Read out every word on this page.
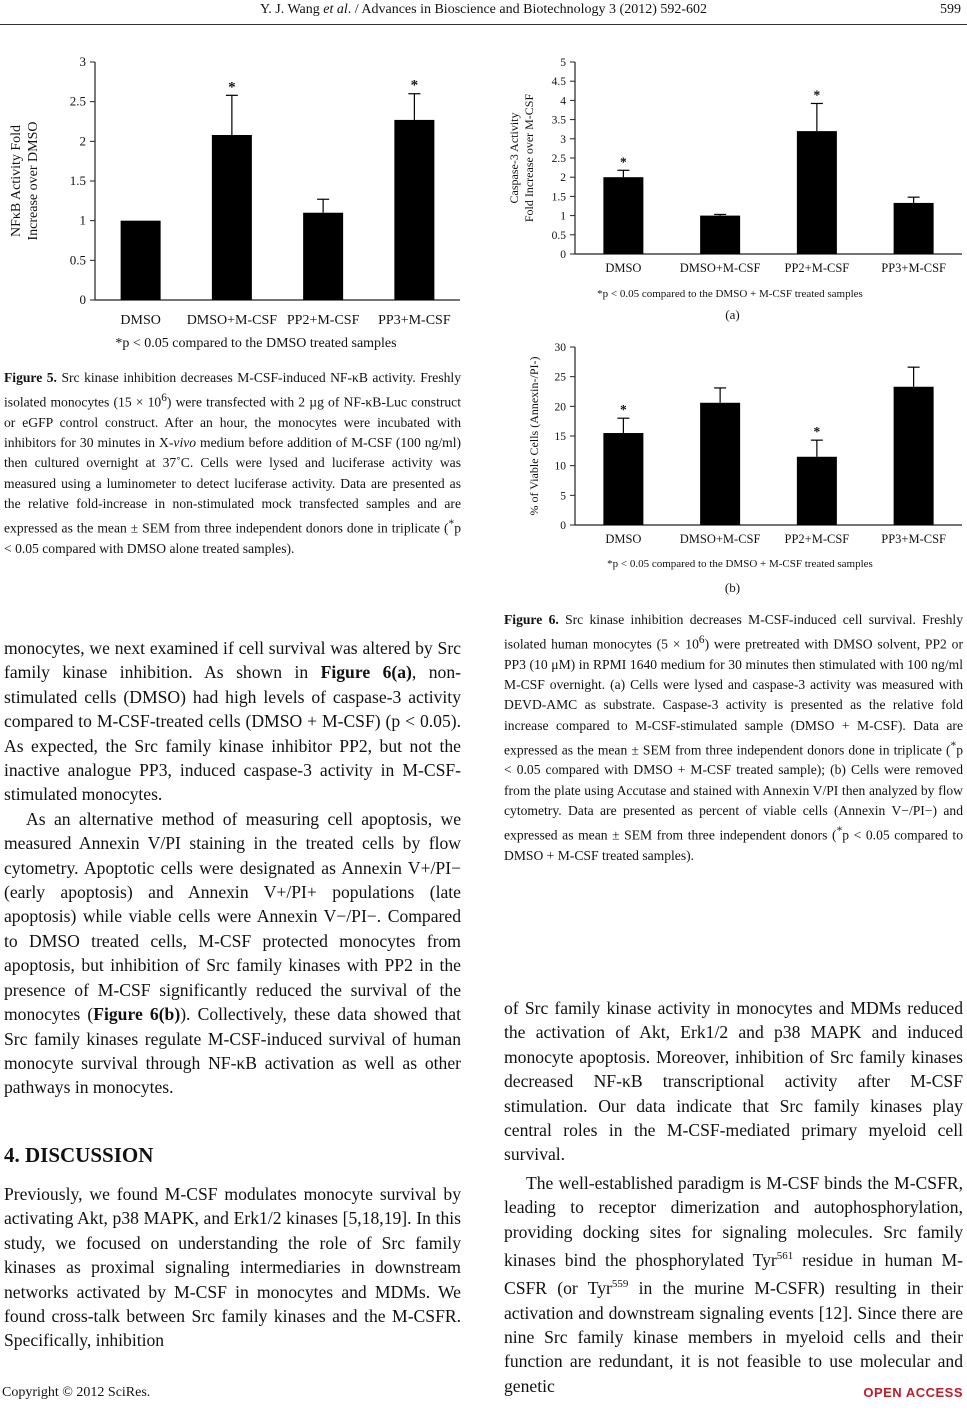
Y. J. Wang et al. / Advances in Bioscience and Biotechnology 3 (2012) 592-602	599
0
0.5
1
1.5
2
2.5
3
DMSO
*
DMSO+M-CSF PP2+M-CSF
*
PP3+M-CSF
NFκB Activity Fold Increase over DMSO
*p < 0.05 compared to the DMSO treated samples
Figure 5. Src kinase inhibition decreases M-CSF-induced NF-κB activity. Freshly isolated monocytes $(15 \times 10^6)$ were transfected with 2 µg of NF-κB-Luc construct or eGFP control construct. After an hour, the monocytes were incubated with inhibitors for 30 minutes in X-vivo medium before addition of M-CSF (100 ng/ml) then cultured overnight at 37˚C. Cells were lysed and luciferase activity was measured using a luminometer to detect luciferase activity. Data are presented as the relative fold-increase in non-stimulated mock transfected samples and are expressed as the mean ± SEM from three independent donors done in triplicate (*p < 0.05 compared with DMSO alone treated samples).

monocytes, we next examined if cell survival was altered by Src family kinase inhibition. As shown in Figure 6(a), non-stimulated cells (DMSO) had high levels of caspase-3 activity compared to M-CSF-treated cells (DMSO + M-CSF) (p < 0.05). As expected, the Src family kinase inhibitor PP2, but not the inactive analogue PP3, induced caspase-3 activity in M-CSF-stimulated monocytes.

As an alternative method of measuring cell apoptosis, we measured Annexin V/PI staining in the treated cells by flow cytometry. Apoptotic cells were designated as Annexin V+/PI− (early apoptosis) and Annexin V+/PI+ populations (late apoptosis) while viable cells were Annexin V−/PI−. Compared to DMSO treated cells, M-CSF protected monocytes from apoptosis, but inhibition of Src family kinases with PP2 in the presence of M-CSF significantly reduced the survival of the monocytes (Figure 6(b)). Collectively, these data showed that Src family kinases regulate M-CSF-induced survival of human monocyte survival through NF-κB activation as well as other pathways in monocytes.

4. DISCUSSION

Previously, we found M-CSF modulates monocyte survival by activating Akt, p38 MAPK, and Erk1/2 kinases [5,18,19]. In this study, we focused on understanding the role of Src family kinases as proximal signaling intermediaries in downstream networks activated by M-CSF in monocytes and MDMs. We found cross-talk between Src family kinases and the M-CSFR. Specifically, inhibition

0
0.5
1
1.5
2
2.5
3
3.5
4
4.5
5
*
DMSO	DMSO+M-CSF
*
PP2+M-CSF	PP3+M-CSF
Caspase-3 Activity Fold Increase over M-CSF
*p < 0.05 compared to the DMSO + M-CSF treated samples
(a)
0
5
10
15
20
25
30
*
DMSO	DMSO+M-CSF
*
PP2+M-CSF	PP3+M-CSF
% of Viable Cells (Annexin-/PI-)
*p < 0.05 compared to the DMSO + M-CSF treated samples
(b)
Figure 6. Src kinase inhibition decreases M-CSF-induced cell survival. Freshly isolated human monocytes $(5 \times 10^6)$ were pretreated with DMSO solvent, PP2 or PP3 (10 μM) in RPMI 1640 medium for 30 minutes then stimulated with 100 ng/ml M-CSF overnight. (a) Cells were lysed and caspase-3 activity was measured with DEVD-AMC as substrate. Caspase-3 activity is presented as the relative fold increase compared to M-CSF-stimulated sample (DMSO + M-CSF). Data are expressed as the mean ± SEM from three independent donors done in triplicate (*p < 0.05 compared with DMSO + M-CSF treated sample); (b) Cells were removed from the plate using Accutase and stained with Annexin V/PI then analyzed by flow cytometry. Data are presented as percent of viable cells (Annexin V−/PI−) and expressed as mean ± SEM from three independent donors (*p < 0.05 compared to DMSO + M-CSF treated samples).

of Src family kinase activity in monocytes and MDMs reduced the activation of Akt, Erk1/2 and p38 MAPK and induced monocyte apoptosis. Moreover, inhibition of Src family kinases decreased NF-κB transcriptional activity after M-CSF stimulation. Our data indicate that Src family kinases play central roles in the M-CSF-mediated primary myeloid cell survival.

The well-established paradigm is M-CSF binds the M-CSFR, leading to receptor dimerization and autophosphorylation, providing docking sites for signaling molecules. Src family kinases bind the phosphorylated Tyr$^{561}$ residue in human M-CSFR (or Tyr$^{559}$ in the murine M-CSFR) resulting in their activation and downstream signaling events [12]. Since there are nine Src family kinase members in myeloid cells and their function are redundant, it is not feasible to use molecular and genetic

Copyright © 2012 SciRes.	OPEN ACCESS
